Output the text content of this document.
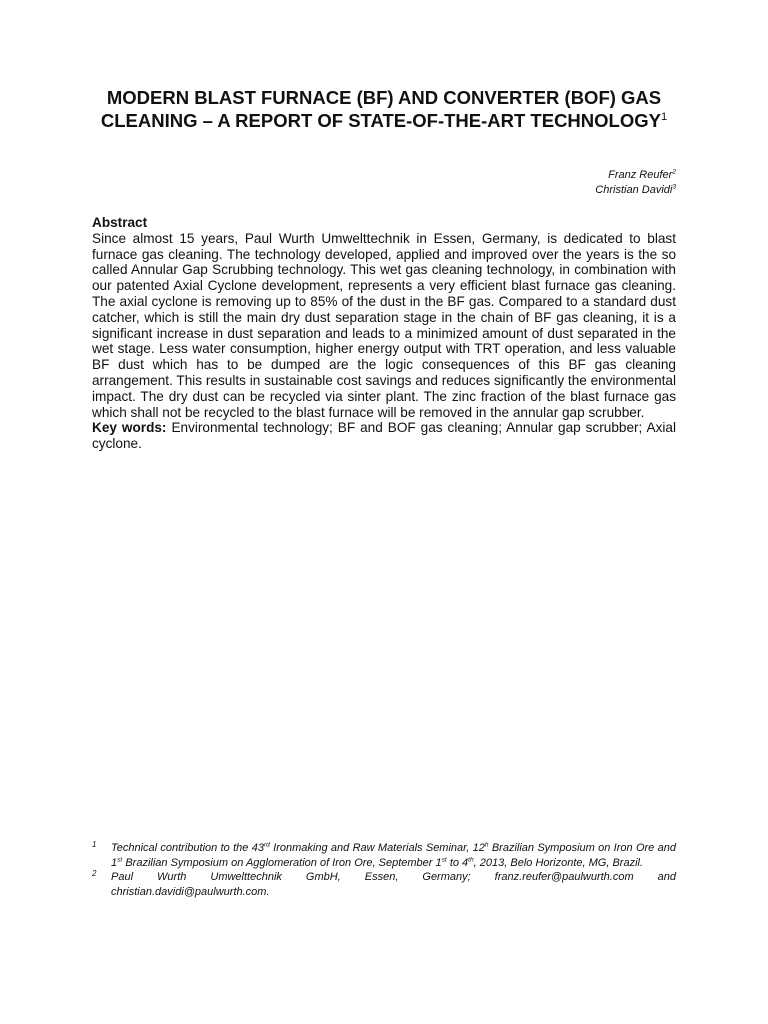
MODERN BLAST FURNACE (BF) AND CONVERTER (BOF) GAS CLEANING – A REPORT OF STATE-OF-THE-ART TECHNOLOGY$^1$
Franz Reufer$^2$
Christian Davidi$^3$
Abstract

Since almost 15 years, Paul Wurth Umwelttechnik in Essen, Germany, is dedicated to blast furnace gas cleaning. The technology developed, applied and improved over the years is the so called Annular Gap Scrubbing technology. This wet gas cleaning technology, in combination with our patented Axial Cyclone development, represents a very efficient blast furnace gas cleaning. The axial cyclone is removing up to 85% of the dust in the BF gas. Compared to a standard dust catcher, which is still the main dry dust separation stage in the chain of BF gas cleaning, it is a significant increase in dust separation and leads to a minimized amount of dust separated in the wet stage. Less water consumption, higher energy output with TRT operation, and less valuable BF dust which has to be dumped are the logic consequences of this BF gas cleaning arrangement. This results in sustainable cost savings and reduces significantly the environmental impact. The dry dust can be recycled via sinter plant. The zinc fraction of the blast furnace gas which shall not be recycled to the blast furnace will be removed in the annular gap scrubber.

Key words: Environmental technology; BF and BOF gas cleaning; Annular gap scrubber; Axial cyclone.

1 Technical contribution to the 43rd Ironmaking and Raw Materials Seminar, 12$^h$ Brazilian Symposium on Iron Ore and 1st Brazilian Symposium on Agglomeration of Iron Ore, September 1st to 4th, 2013, Belo Horizonte, MG, Brazil.

2 Paul Wurth Umwelttechnik GmbH, Essen, Germany; franz.reufer@paulwurth.com and christian.davidi@paulwurth.com.
